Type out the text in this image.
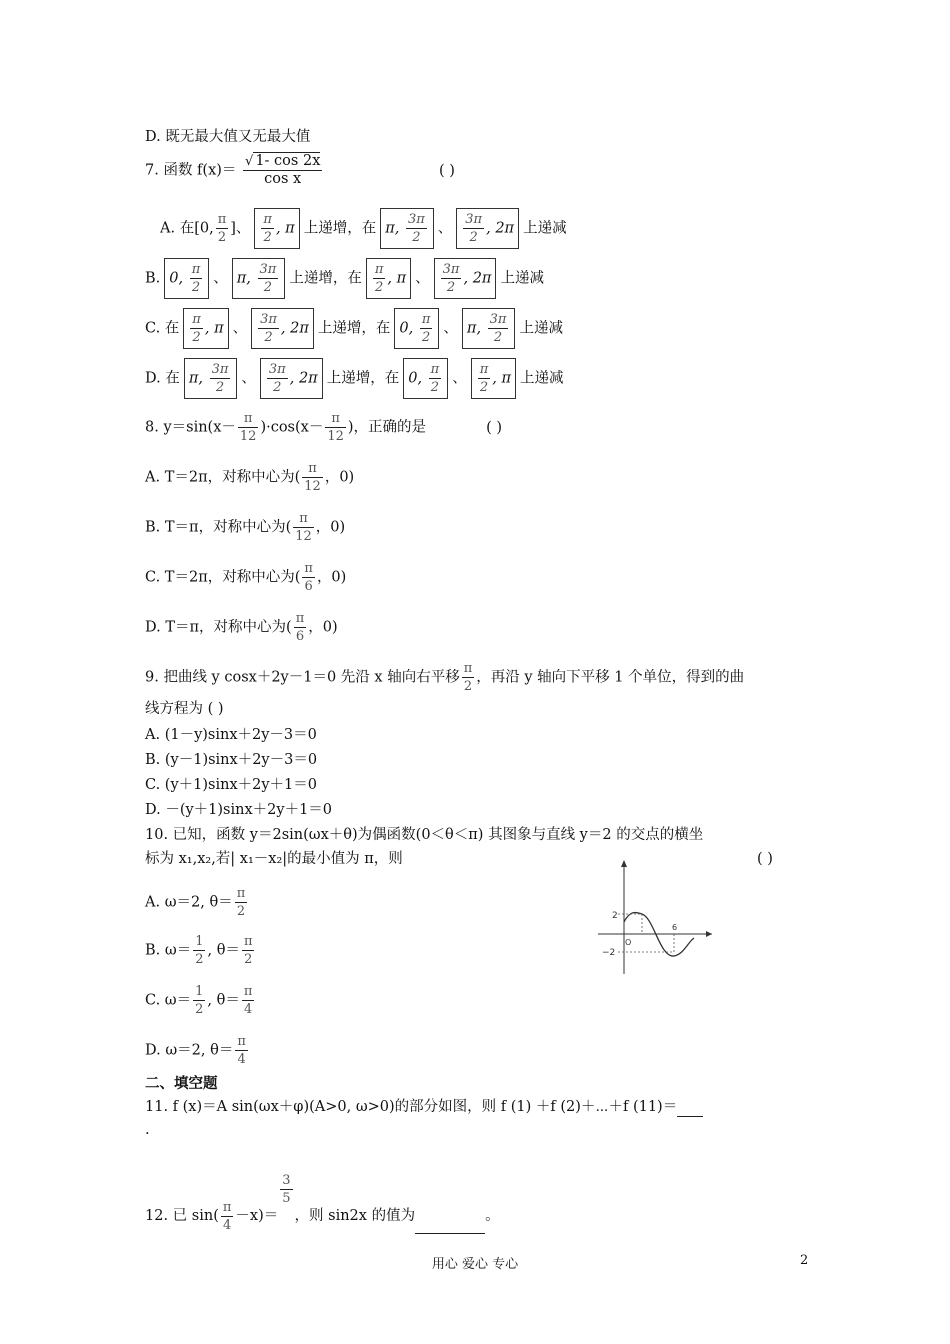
D. 既无最大值又无最大值
7. 函数 $f(x)= \frac{√ 1- \cos 2x}{\text{cos x}}$	( )
A. 在[0, $\frac{\pi}{2}$ ]、 $\frac{\pi}{2}$ , π 上递增，在 π, $\frac{3\pi}{2}$ 、 $\frac{3\pi}{2}$ , 2π 上递减
B. 0, $\frac{\pi}{2}$ 、 π, $\frac{3\pi}{2}$ 上递增，在 $\frac{\pi}{2}$ , π 、 $\frac{3\pi}{2}$ , 2π 上递减
C. 在 $\frac{\pi}{2}$ , π 、 $\frac{3\pi}{2}$ , 2π 上递增，在 0, $\frac{\pi}{2}$ 、 π, $\frac{3\pi}{2}$ 上递减
D. 在 π, $\frac{3\pi}{2}$ 、 $\frac{3\pi}{2}$ , 2π 上递增，在 0, $\frac{\pi}{2}$ 、 $\frac{\pi}{2}$ , π 上递减
8. $y=\sin(x- \frac{\pi}{12} )\cdot\cos(x- \frac{\pi}{12}$ )，正确的是	( )
A. T＝2π，对称中心为( $\frac{\pi}{12}$ ，0)
B. T＝π，对称中心为( $\frac{\pi}{12}$ ，0)
C. T＝2π，对称中心为( $\frac{\pi}{6}$ ，0)
D. T＝π，对称中心为( $\frac{\pi}{6}$ ，0)
9. 把曲线 y cosx＋2y－1＝0 先沿 x 轴向右平移 $\frac{\pi}{2}$ ，再沿 y 轴向下平移 1 个单位，得到的曲
线方程为 ( )
A. (1－y)sinx＋2y－3＝0
B. (y－1)sinx＋2y－3＝0
C. (y＋1)sinx＋2y＋1＝0
D. －(y＋1)sinx＋2y＋1＝0
10. 已知，函数 y＝2sin(ωx＋θ)为偶函数(0＜θ＜π) 其图象与直线 y＝2 的交点的横坐
标为 x₁,x₂,若| x₁－x₂|的最小值为 π，则	( )
A. ω＝2, $\theta= \frac{\pi}{2}$
B. $\omega= \frac{1}{2}$ , $\theta= \frac{\pi}{2}$
C. $\omega= \frac{1}{2}$ , $\theta= \frac{\pi}{4}$
D. ω＝2, $\theta= \frac{\pi}{4}$
2
−2
O
6
二、填空题
11. f (x)＝A sin(ωx＋φ)(A>0, ω>0)的部分如图，则 f (1) ＋f (2)＋⋯＋f (11)＝
.
12. 已 $\sin( \frac{\pi}{4} -x)=$
$\frac{3}{5}$
，则 sin2x 的值为	。
用心 爱心 专心	2
